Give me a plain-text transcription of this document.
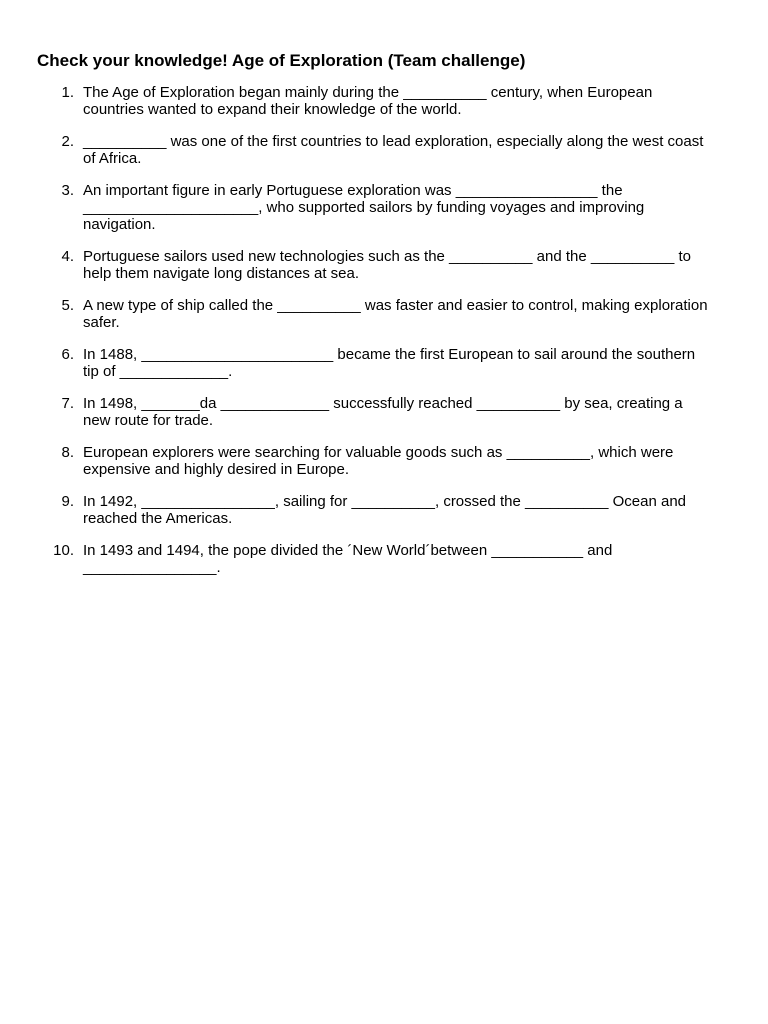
Check your knowledge! Age of Exploration (Team challenge)
1. The Age of Exploration began mainly during the __________ century, when European
countries wanted to expand their knowledge of the world.
2. __________ was one of the first countries to lead exploration, especially along the west coast
of Africa.
3. An important figure in early Portuguese exploration was _________________ the
_____________________, who supported sailors by funding voyages and improving
navigation.
4. Portuguese sailors used new technologies such as the __________ and the __________ to
help them navigate long distances at sea.
5. A new type of ship called the __________ was faster and easier to control, making exploration
safer.
6. In 1488, _______________________ became the first European to sail around the southern
tip of _____________.
7. In 1498, _______da _____________ successfully reached __________ by sea, creating a
new route for trade.
8. European explorers were searching for valuable goods such as __________, which were
expensive and highly desired in Europe.
9. In 1492, ________________, sailing for __________, crossed the __________ Ocean and
reached the Americas.
10. In 1493 and 1494, the pope divided the ´New World´between ___________ and
________________.
